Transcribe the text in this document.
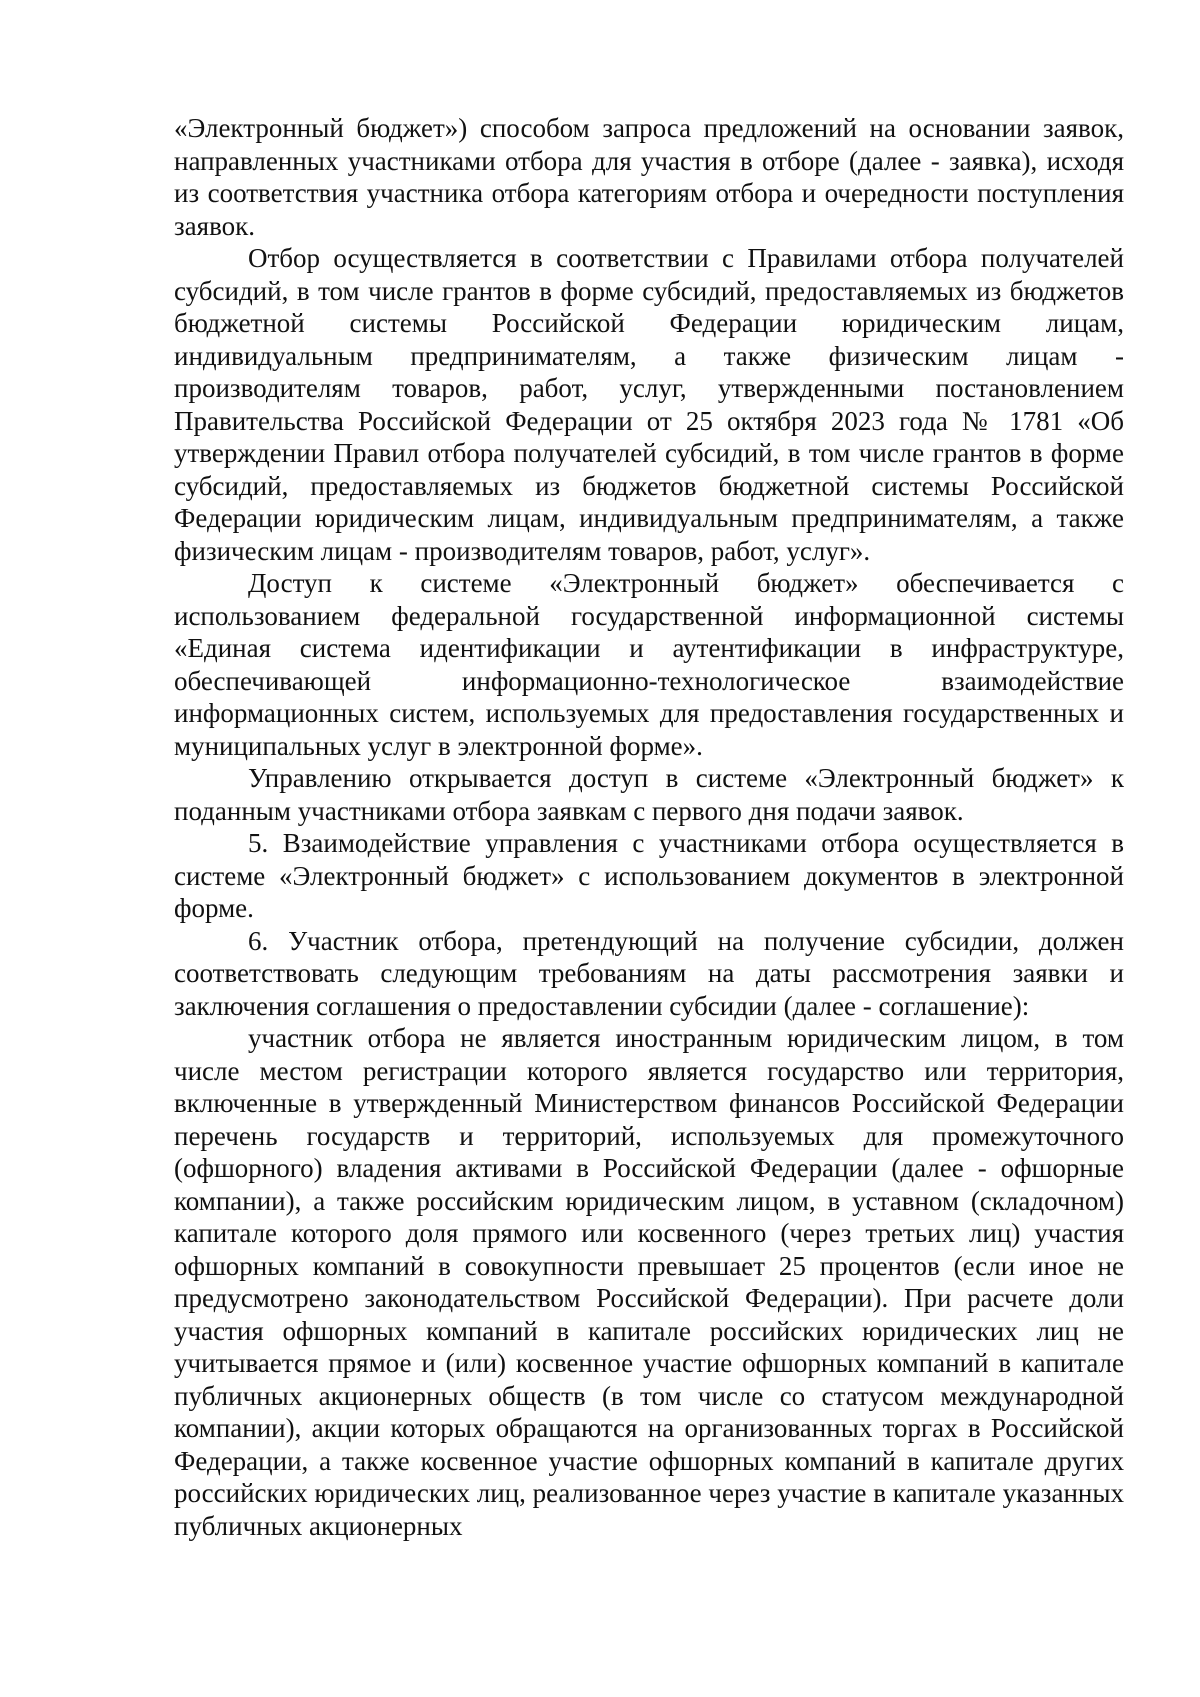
«Электронный бюджет») способом запроса предложений на основании заявок, направленных участниками отбора для участия в отборе (далее - заявка), исходя из соответствия участника отбора категориям отбора и очередности поступления заявок.

Отбор осуществляется в соответствии с Правилами отбора получателей субсидий, в том числе грантов в форме субсидий, предоставляемых из бюджетов бюджетной системы Российской Федерации юридическим лицам, индивидуальным предпринимателям, а также физическим лицам - производителям товаров, работ, услуг, утвержденными постановлением Правительства Российской Федерации от 25 октября 2023 года № 1781 «Об утверждении Правил отбора получателей субсидий, в том числе грантов в форме субсидий, предоставляемых из бюджетов бюджетной системы Российской Федерации юридическим лицам, индивидуальным предпринимателям, а также физическим лицам - производителям товаров, работ, услуг».

Доступ к системе «Электронный бюджет» обеспечивается с использованием федеральной государственной информационной системы «Единая система идентификации и аутентификации в инфраструктуре, обеспечивающей информационно-технологическое взаимодействие информационных систем, используемых для предоставления государственных и муниципальных услуг в электронной форме».

Управлению открывается доступ в системе «Электронный бюджет» к поданным участниками отбора заявкам с первого дня подачи заявок.

5. Взаимодействие управления с участниками отбора осуществляется в системе «Электронный бюджет» с использованием документов в электронной форме.

6. Участник отбора, претендующий на получение субсидии, должен соответствовать следующим требованиям на даты рассмотрения заявки и заключения соглашения о предоставлении субсидии (далее - соглашение):

участник отбора не является иностранным юридическим лицом, в том числе местом регистрации которого является государство или территория, включенные в утвержденный Министерством финансов Российской Федерации перечень государств и территорий, используемых для промежуточного (офшорного) владения активами в Российской Федерации (далее - офшорные компании), а также российским юридическим лицом, в уставном (складочном) капитале которого доля прямого или косвенного (через третьих лиц) участия офшорных компаний в совокупности превышает 25 процентов (если иное не предусмотрено законодательством Российской Федерации). При расчете доли участия офшорных компаний в капитале российских юридических лиц не учитывается прямое и (или) косвенное участие офшорных компаний в капитале публичных акционерных обществ (в том числе со статусом международной компании), акции которых обращаются на организованных торгах в Российской Федерации, а также косвенное участие офшорных компаний в капитале других российских юридических лиц, реализованное через участие в капитале указанных публичных акционерных
